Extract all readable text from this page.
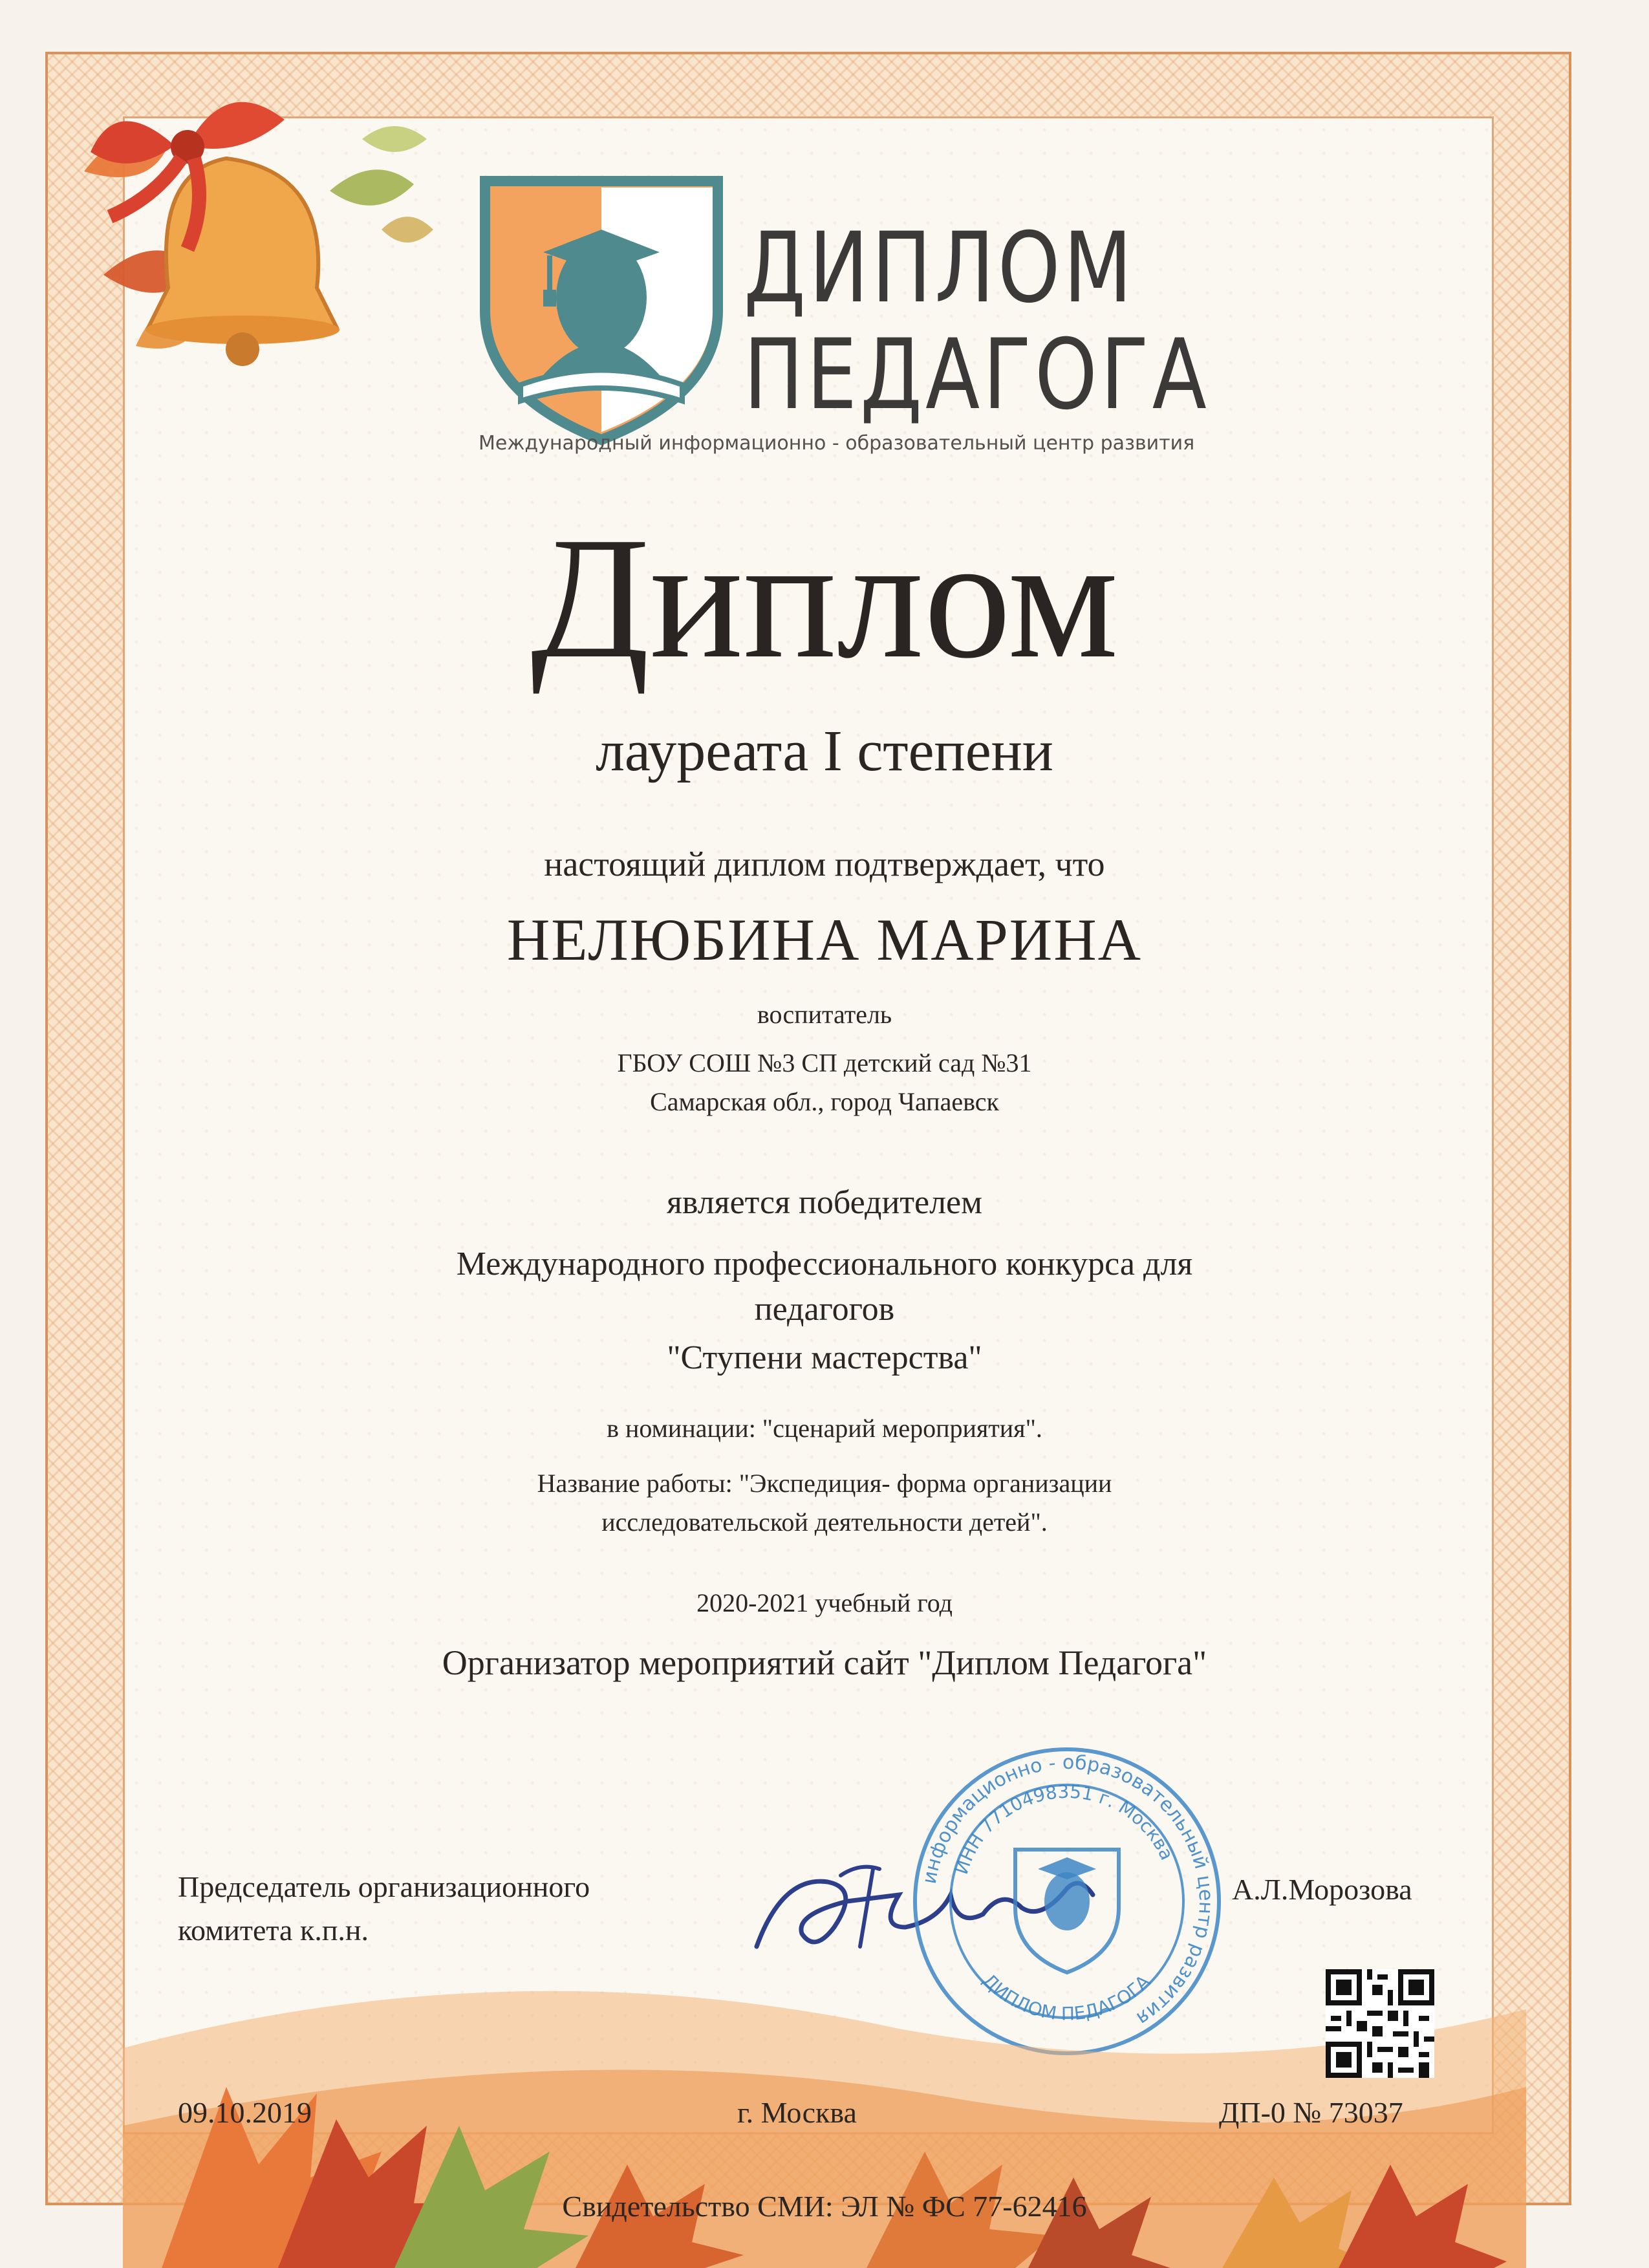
ДИПЛОМ
ПЕДАГОГА
Международный информационно - образовательный центр развития
Диплом
лауреата I степени
настоящий диплом подтверждает, что
НЕЛЮБИНА МАРИНА
воспитатель
ГБОУ СОШ №3 СП детский сад №31
Самарская обл., город Чапаевск
является победителем
Международного профессионального конкурса для
педагогов
"Ступени мастерства"
в номинации: "сценарий мероприятия".
Название работы: "Экспедиция- форма организации
исследовательской деятельности детей".
2020-2021 учебный год
Организатор мероприятий сайт "Диплом Педагога"
Председатель организационного
комитета к.п.н.
информационно - образовательный центр развития
ИНН 7710498351 г. Москва
ДИПЛОМ ПЕДАГОГА
А.Л.Морозова
09.10.2019	г. Москва	ДП-0 № 73037
Свидетельство СМИ: ЭЛ № ФС 77-62416
